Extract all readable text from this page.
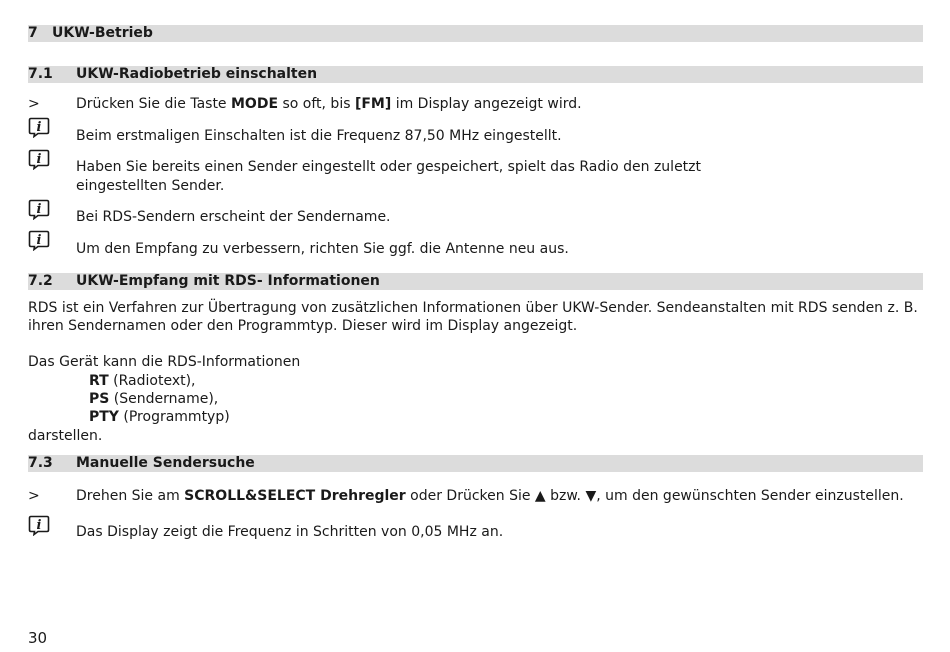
7 UKW-Betrieb
7.1 UKW-Radiobetrieb einschalten
>	Drücken Sie die Taste MODE so oft, bis [FM] im Display angezeigt wird.
i
Beim erstmaligen Einschalten ist die Frequenz 87,50 MHz eingestellt.
i Haben Sie bereits einen Sender eingestellt oder gespeichert, spielt das Radio den zuletzt
eingestellten Sender.
i Bei RDS-Sendern erscheint der Sendername.
i
Um den Empfang zu verbessern, richten Sie ggf. die Antenne neu aus.
7.2 UKW-Empfang mit RDS- Informationen
RDS ist ein Verfahren zur Übertragung von zusätzlichen Informationen über UKW-Sender. Sendeanstalten mit RDS senden z. B.
ihren Sendernamen oder den Programmtyp. Dieser wird im Display angezeigt.
Das Gerät kann die RDS-Informationen
RT (Radiotext),
PS (Sendername),
PTY (Programmtyp)
darstellen.
7.3 Manuelle Sendersuche
>	Drehen Sie am SCROLL&SELECT Drehregler oder Drücken Sie ▲ bzw. ▼, um den gewünschten Sender einzustellen.
i Das Display zeigt die Frequenz in Schritten von 0,05 MHz an.
30
